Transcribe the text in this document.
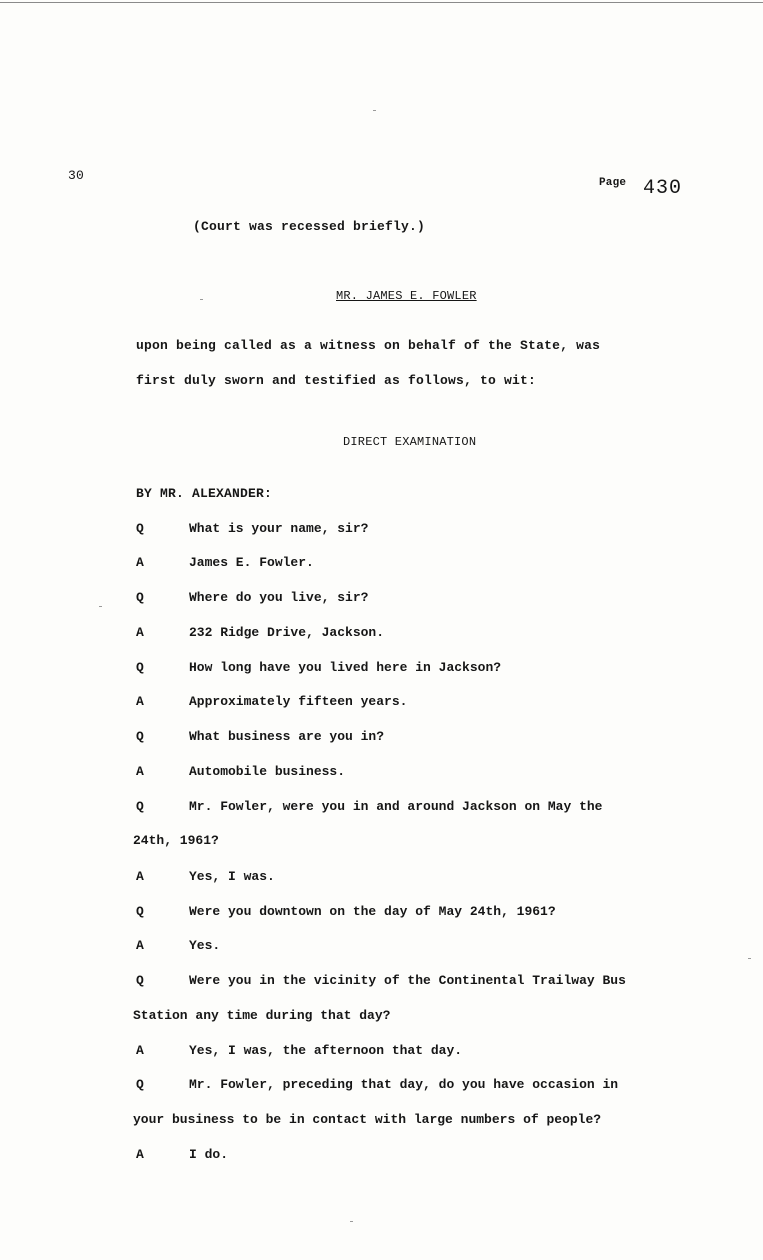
30	Page 430
(Court was recessed briefly.)
MR. JAMES E. FOWLER
upon being called as a witness on behalf of the State, was
first duly sworn and testified as follows, to wit:
DIRECT EXAMINATION
BY MR. ALEXANDER:
Q	What is your name, sir?
A	James E. Fowler.
Q	Where do you live, sir?
A	232 Ridge Drive, Jackson.
Q	How long have you lived here in Jackson?
A	Approximately fifteen years.
Q	What business are you in?
A	Automobile business.
Q	Mr. Fowler, were you in and around Jackson on May the
24th, 1961?
A	Yes, I was.
Q	Were you downtown on the day of May 24th, 1961?
A	Yes.
Q	Were you in the vicinity of the Continental Trailway Bus
Station any time during that day?
A	Yes, I was, the afternoon that day.
Q	Mr. Fowler, preceding that day, do you have occasion in
your business to be in contact with large numbers of people?
A	I do.
